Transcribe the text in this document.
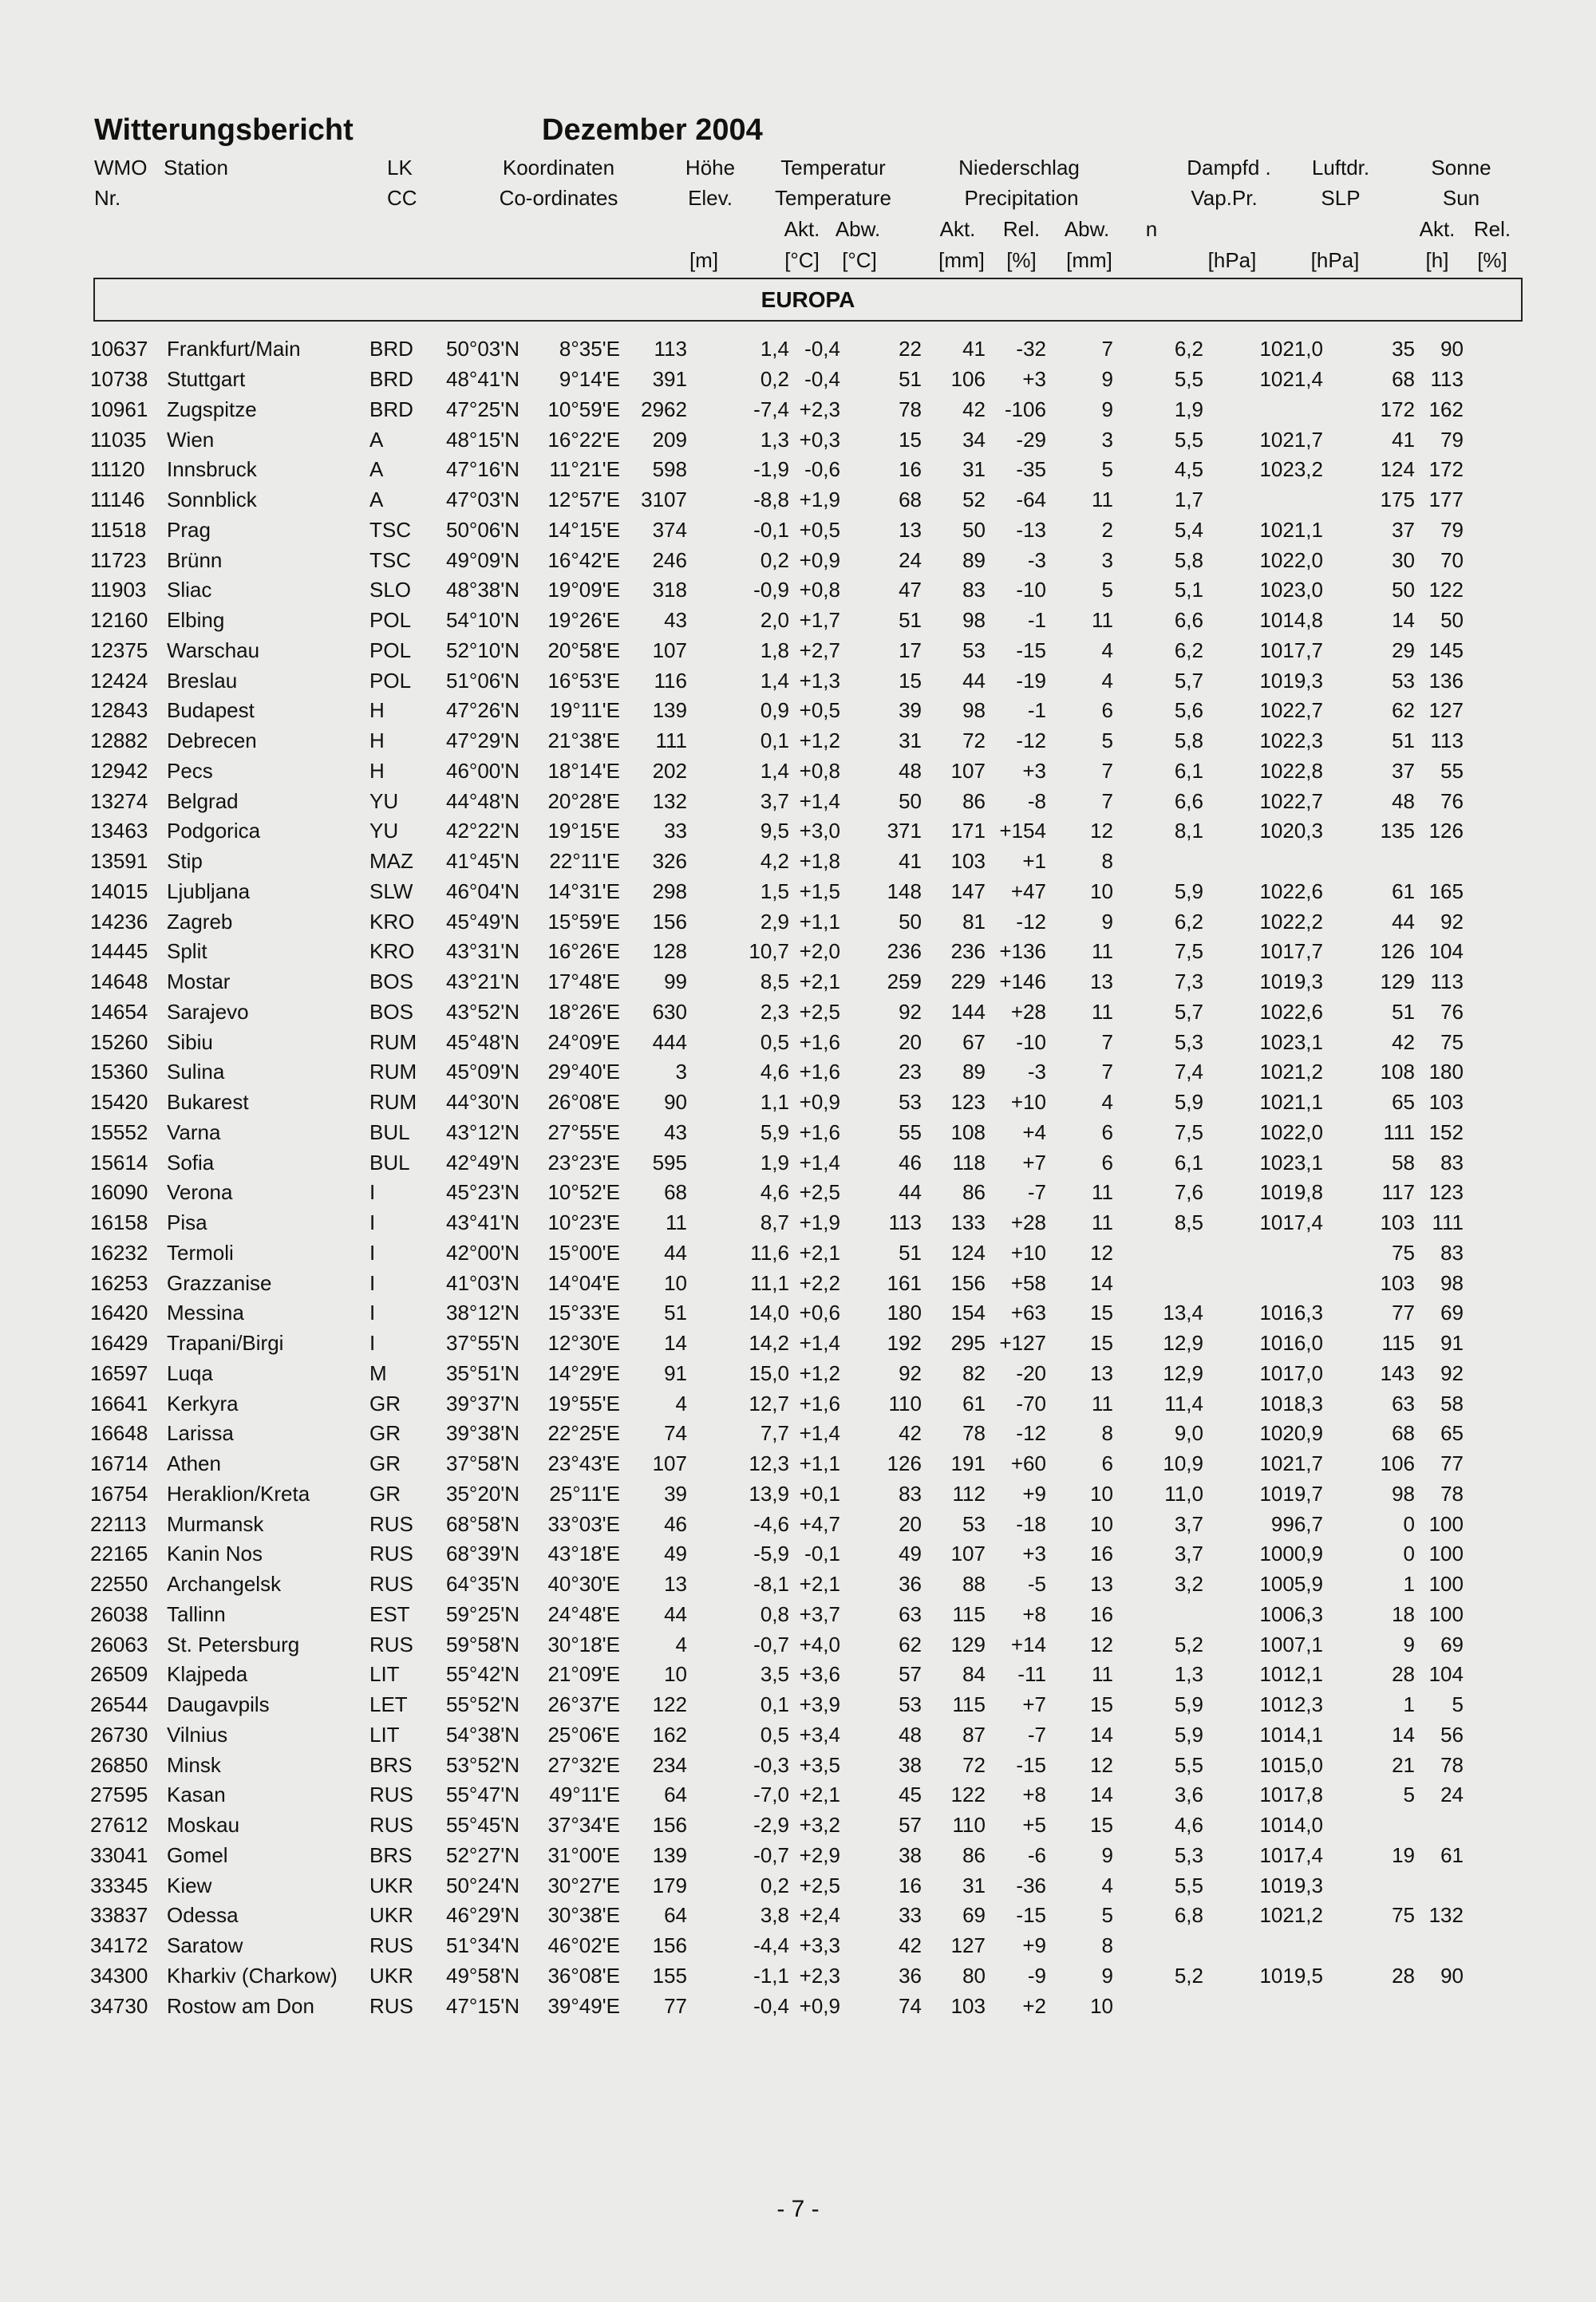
Witterungsbericht	Dezember 2004
WMO Station	LK	Koordinaten	Höhe Temperatur	Niederschlag	Dampfd . Luftdr.	Sonne
Nr.	CC	Co-ordinates	Elev. Temperature	Precipitation	Vap.Pr.	SLP	Sun
Akt. Abw.	Akt. Rel. Abw. n	Akt. Rel.
[m]	[°C] [°C]	[mm] [%] [mm]	[hPa]	[hPa]	[h] [%]
EUROPA
10637	Frankfurt/Main	BRD	50°03'N	8°35'E	113	1,4	-0,4	22	41	-32	7	6,2	1021,0	35	90
10738	Stuttgart	BRD	48°41'N	9°14'E	391	0,2	-0,4	51	106	+3	9	5,5	1021,4	68	113
10961	Zugspitze	BRD	47°25'N	10°59'E	2962	-7,4	+2,3	78	42	-106	9	1,9		172	162
11035	Wien	A	48°15'N	16°22'E	209	1,3	+0,3	15	34	-29	3	5,5	1021,7	41	79
11120	Innsbruck	A	47°16'N	11°21'E	598	-1,9	-0,6	16	31	-35	5	4,5	1023,2	124	172
11146	Sonnblick	A	47°03'N	12°57'E	3107	-8,8	+1,9	68	52	-64	11	1,7		175	177
11518	Prag	TSC	50°06'N	14°15'E	374	-0,1	+0,5	13	50	-13	2	5,4	1021,1	37	79
11723	Brünn	TSC	49°09'N	16°42'E	246	0,2	+0,9	24	89	-3	3	5,8	1022,0	30	70
11903	Sliac	SLO	48°38'N	19°09'E	318	-0,9	+0,8	47	83	-10	5	5,1	1023,0	50	122
12160	Elbing	POL	54°10'N	19°26'E	43	2,0	+1,7	51	98	-1	11	6,6	1014,8	14	50
12375	Warschau	POL	52°10'N	20°58'E	107	1,8	+2,7	17	53	-15	4	6,2	1017,7	29	145
12424	Breslau	POL	51°06'N	16°53'E	116	1,4	+1,3	15	44	-19	4	5,7	1019,3	53	136
12843	Budapest	H	47°26'N	19°11'E	139	0,9	+0,5	39	98	-1	6	5,6	1022,7	62	127
12882	Debrecen	H	47°29'N	21°38'E	111	0,1	+1,2	31	72	-12	5	5,8	1022,3	51	113
12942	Pecs	H	46°00'N	18°14'E	202	1,4	+0,8	48	107	+3	7	6,1	1022,8	37	55
13274	Belgrad	YU	44°48'N	20°28'E	132	3,7	+1,4	50	86	-8	7	6,6	1022,7	48	76
13463	Podgorica	YU	42°22'N	19°15'E	33	9,5	+3,0	371	171	+154	12	8,1	1020,3	135	126
13591	Stip	MAZ	41°45'N	22°11'E	326	4,2	+1,8	41	103	+1	8				
14015	Ljubljana	SLW	46°04'N	14°31'E	298	1,5	+1,5	148	147	+47	10	5,9	1022,6	61	165
14236	Zagreb	KRO	45°49'N	15°59'E	156	2,9	+1,1	50	81	-12	9	6,2	1022,2	44	92
14445	Split	KRO	43°31'N	16°26'E	128	10,7	+2,0	236	236	+136	11	7,5	1017,7	126	104
14648	Mostar	BOS	43°21'N	17°48'E	99	8,5	+2,1	259	229	+146	13	7,3	1019,3	129	113
14654	Sarajevo	BOS	43°52'N	18°26'E	630	2,3	+2,5	92	144	+28	11	5,7	1022,6	51	76
15260	Sibiu	RUM	45°48'N	24°09'E	444	0,5	+1,6	20	67	-10	7	5,3	1023,1	42	75
15360	Sulina	RUM	45°09'N	29°40'E	3	4,6	+1,6	23	89	-3	7	7,4	1021,2	108	180
15420	Bukarest	RUM	44°30'N	26°08'E	90	1,1	+0,9	53	123	+10	4	5,9	1021,1	65	103
15552	Varna	BUL	43°12'N	27°55'E	43	5,9	+1,6	55	108	+4	6	7,5	1022,0	111	152
15614	Sofia	BUL	42°49'N	23°23'E	595	1,9	+1,4	46	118	+7	6	6,1	1023,1	58	83
16090	Verona	I	45°23'N	10°52'E	68	4,6	+2,5	44	86	-7	11	7,6	1019,8	117	123
16158	Pisa	I	43°41'N	10°23'E	11	8,7	+1,9	113	133	+28	11	8,5	1017,4	103	111
16232	Termoli	I	42°00'N	15°00'E	44	11,6	+2,1	51	124	+10	12			75	83
16253	Grazzanise	I	41°03'N	14°04'E	10	11,1	+2,2	161	156	+58	14			103	98
16420	Messina	I	38°12'N	15°33'E	51	14,0	+0,6	180	154	+63	15	13,4	1016,3	77	69
16429	Trapani/Birgi	I	37°55'N	12°30'E	14	14,2	+1,4	192	295	+127	15	12,9	1016,0	115	91
16597	Luqa	M	35°51'N	14°29'E	91	15,0	+1,2	92	82	-20	13	12,9	1017,0	143	92
16641	Kerkyra	GR	39°37'N	19°55'E	4	12,7	+1,6	110	61	-70	11	11,4	1018,3	63	58
16648	Larissa	GR	39°38'N	22°25'E	74	7,7	+1,4	42	78	-12	8	9,0	1020,9	68	65
16714	Athen	GR	37°58'N	23°43'E	107	12,3	+1,1	126	191	+60	6	10,9	1021,7	106	77
16754	Heraklion/Kreta	GR	35°20'N	25°11'E	39	13,9	+0,1	83	112	+9	10	11,0	1019,7	98	78
22113	Murmansk	RUS	68°58'N	33°03'E	46	-4,6	+4,7	20	53	-18	10	3,7	996,7	0	100
22165	Kanin Nos	RUS	68°39'N	43°18'E	49	-5,9	-0,1	49	107	+3	16	3,7	1000,9	0	100
22550	Archangelsk	RUS	64°35'N	40°30'E	13	-8,1	+2,1	36	88	-5	13	3,2	1005,9	1	100
26038	Tallinn	EST	59°25'N	24°48'E	44	0,8	+3,7	63	115	+8	16		1006,3	18	100
26063	St. Petersburg	RUS	59°58'N	30°18'E	4	-0,7	+4,0	62	129	+14	12	5,2	1007,1	9	69
26509	Klajpeda	LIT	55°42'N	21°09'E	10	3,5	+3,6	57	84	-11	11	1,3	1012,1	28	104
26544	Daugavpils	LET	55°52'N	26°37'E	122	0,1	+3,9	53	115	+7	15	5,9	1012,3	1	5
26730	Vilnius	LIT	54°38'N	25°06'E	162	0,5	+3,4	48	87	-7	14	5,9	1014,1	14	56
26850	Minsk	BRS	53°52'N	27°32'E	234	-0,3	+3,5	38	72	-15	12	5,5	1015,0	21	78
27595	Kasan	RUS	55°47'N	49°11'E	64	-7,0	+2,1	45	122	+8	14	3,6	1017,8	5	24
27612	Moskau	RUS	55°45'N	37°34'E	156	-2,9	+3,2	57	110	+5	15	4,6	1014,0		
33041	Gomel	BRS	52°27'N	31°00'E	139	-0,7	+2,9	38	86	-6	9	5,3	1017,4	19	61
33345	Kiew	UKR	50°24'N	30°27'E	179	0,2	+2,5	16	31	-36	4	5,5	1019,3		
33837	Odessa	UKR	46°29'N	30°38'E	64	3,8	+2,4	33	69	-15	5	6,8	1021,2	75	132
34172	Saratow	RUS	51°34'N	46°02'E	156	-4,4	+3,3	42	127	+9	8				
34300	Kharkiv (Charkow)	UKR	49°58'N	36°08'E	155	-1,1	+2,3	36	80	-9	9	5,2	1019,5	28	90
34730	Rostow am Don	RUS	47°15'N	39°49'E	77	-0,4	+0,9	74	103	+2	10				
- 7 -
